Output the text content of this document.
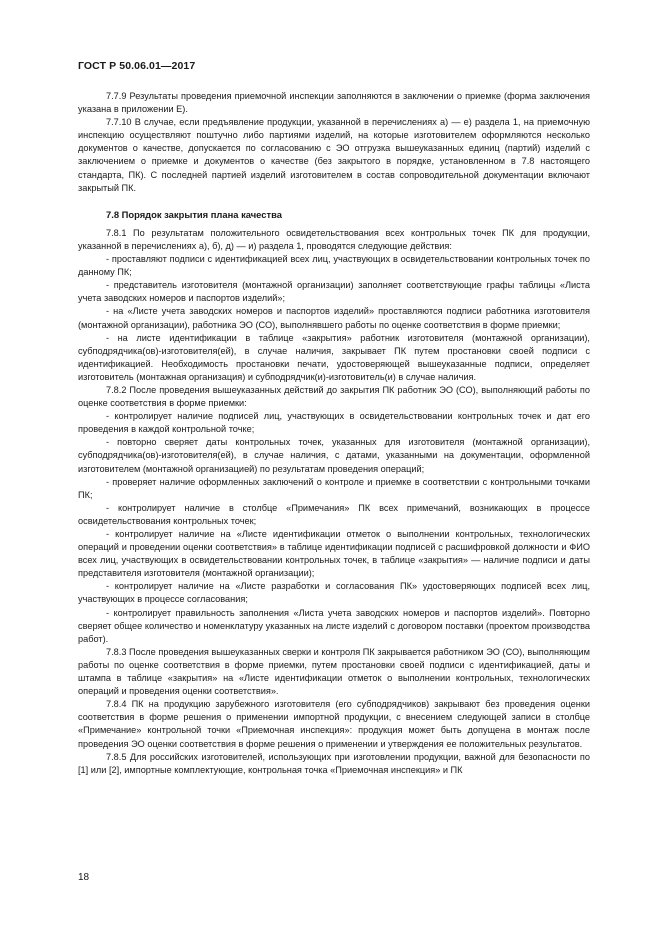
ГОСТ Р 50.06.01—2017

7.7.9 Результаты проведения приемочной инспекции заполняются в заключении о приемке (форма заключения указана в приложении Е).

7.7.10 В случае, если предъявление продукции, указанной в перечислениях а) — е) раздела 1, на приемочную инспекцию осуществляют поштучно либо партиями изделий, на которые изготовителем оформляются несколько документов о качестве, допускается по согласованию с ЭО отгрузка вышеуказанных единиц (партий) изделий с заключением о приемке и документов о качестве (без закрытого в порядке, установленном в 7.8 настоящего стандарта, ПК). С последней партией изделий изготовителем в состав сопроводительной документации включают закрытый ПК.

7.8 Порядок закрытия плана качества

7.8.1 По результатам положительного освидетельствования всех контрольных точек ПК для продукции, указанной в перечислениях а), б), д) — и) раздела 1, проводятся следующие действия:

- проставляют подписи с идентификацией всех лиц, участвующих в освидетельствовании контрольных точек по данному ПК;

- представитель изготовителя (монтажной организации) заполняет соответствующие графы таблицы «Листа учета заводских номеров и паспортов изделий»;

- на «Листе учета заводских номеров и паспортов изделий» проставляются подписи работника изготовителя (монтажной организации), работника ЭО (СО), выполнявшего работы по оценке соответствия в форме приемки;

- на листе идентификации в таблице «закрытия» работник изготовителя (монтажной организации), субподрядчика(ов)-изготовителя(ей), в случае наличия, закрывает ПК путем простановки своей подписи с идентификацией. Необходимость простановки печати, удостоверяющей вышеуказанные подписи, определяет изготовитель (монтажная организация) и субподрядчик(и)-изготовитель(и) в случае наличия.

7.8.2 После проведения вышеуказанных действий до закрытия ПК работник ЭО (СО), выполняющий работы по оценке соответствия в форме приемки:

- контролирует наличие подписей лиц, участвующих в освидетельствовании контрольных точек и дат его проведения в каждой контрольной точке;

- повторно сверяет даты контрольных точек, указанных для изготовителя (монтажной организации), субподрядчика(ов)-изготовителя(ей), в случае наличия, с датами, указанными на документации, оформленной изготовителем (монтажной организацией) по результатам проведения операций;

- проверяет наличие оформленных заключений о контроле и приемке в соответствии с контрольными точками ПК;

- контролирует наличие в столбце «Примечания» ПК всех примечаний, возникающих в процессе освидетельствования контрольных точек;

- контролирует наличие на «Листе идентификации отметок о выполнении контрольных, технологических операций и проведении оценки соответствия» в таблице идентификации подписей с расшифровкой должности и ФИО всех лиц, участвующих в освидетельствовании контрольных точек, в таблице «закрытия» — наличие подписи и даты представителя изготовителя (монтажной организации);

- контролирует наличие на «Листе разработки и согласования ПК» удостоверяющих подписей всех лиц, участвующих в процессе согласования;

- контролирует правильность заполнения «Листа учета заводских номеров и паспортов изделий». Повторно сверяет общее количество и номенклатуру указанных на листе изделий с договором поставки (проектом производства работ).

7.8.3 После проведения вышеуказанных сверки и контроля ПК закрывается работником ЭО (СО), выполняющим работы по оценке соответствия в форме приемки, путем простановки своей подписи с идентификацией, даты и штампа в таблице «закрытия» на «Листе идентификации отметок о выполнении контрольных, технологических операций и проведения оценки соответствия».

7.8.4 ПК на продукцию зарубежного изготовителя (его субподрядчиков) закрывают без проведения оценки соответствия в форме решения о применении импортной продукции, с внесением следующей записи в столбце «Примечание» контрольной точки «Приемочная инспекция»: продукция может быть допущена в монтаж после проведения ЭО оценки соответствия в форме решения о применении и утверждения ее положительных результатов.

7.8.5 Для российских изготовителей, использующих при изготовлении продукции, важной для безопасности по [1] или [2], импортные комплектующие, контрольная точка «Приемочная инспекция» и ПК

18
